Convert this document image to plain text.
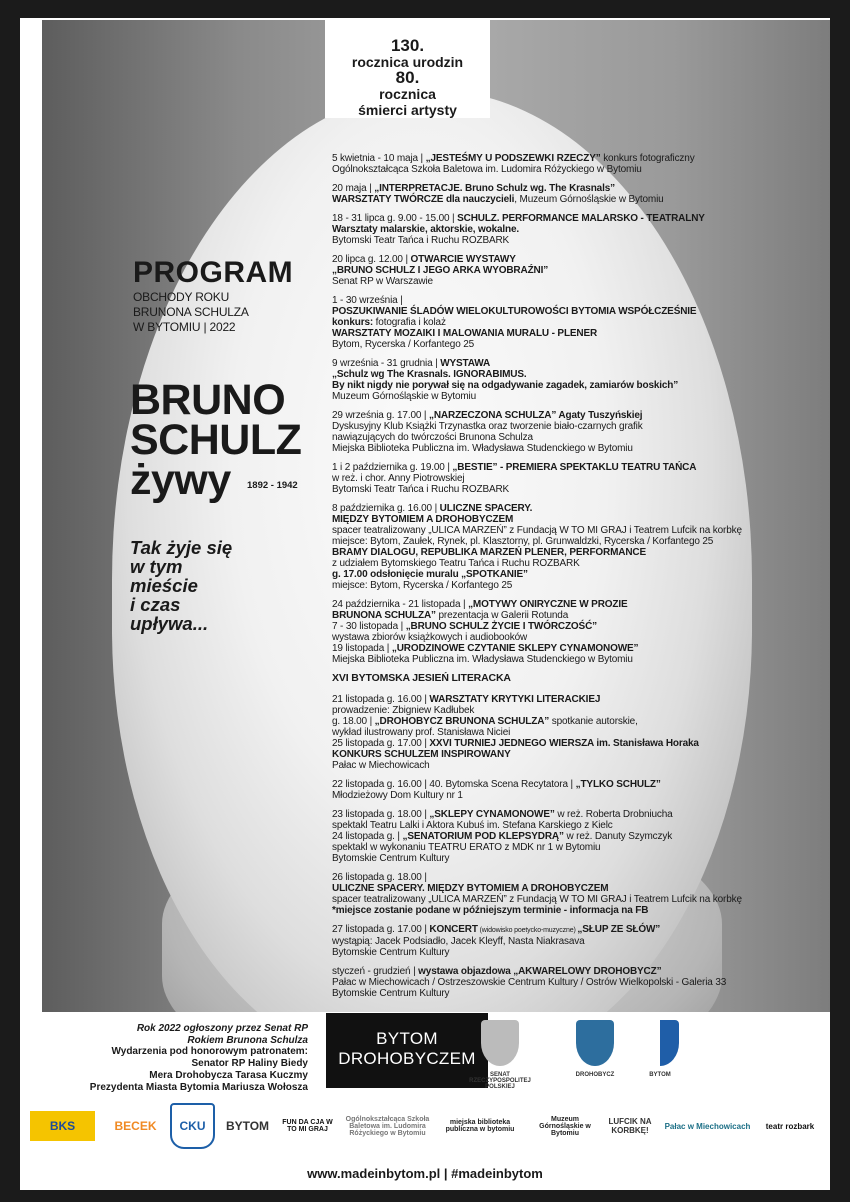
130.
rocznica urodzin
80.
rocznica
śmierci artysty
PROGRAM
OBCHODY ROKU
BRUNONA SCHULZA
W BYTOMIU | 2022
BRUNO
SCHULZ
żywy	1892 - 1942
Tak żyje się
w tym
mieście
i czas
upływa...
5 kwietnia - 10 maja | „JESTEŚMY U PODSZEWKI RZECZY” konkurs fotograficzny
Ogólnokształcąca Szkoła Baletowa im. Ludomira Różyckiego w Bytomiu
20 maja | „INTERPRETACJE. Bruno Schulz wg. The Krasnals”
WARSZTATY TWÓRCZE dla nauczycieli, Muzeum Górnośląskie w Bytomiu
18 - 31 lipca g. 9.00 - 15.00 | SCHULZ. PERFORMANCE MALARSKO - TEATRALNY
Warsztaty malarskie, aktorskie, wokalne.
Bytomski Teatr Tańca i Ruchu ROZBARK
20 lipca g. 12.00 | OTWARCIE WYSTAWY
„BRUNO SCHULZ I JEGO ARKA WYOBRAŹNI”
Senat RP w Warszawie
1 - 30 września |
POSZUKIWANIE ŚLADÓW WIELOKULTUROWOŚCI BYTOMIA WSPÓŁCZEŚNIE
konkurs: fotografia i kolaż
WARSZTATY MOZAIKI I MALOWANIA MURALU - PLENER
Bytom, Rycerska / Korfantego 25
9 września - 31 grudnia | WYSTAWA
„Schulz wg The Krasnals. IGNORABIMUS.
By nikt nigdy nie porywał się na odgadywanie zagadek, zamiarów boskich”
Muzeum Górnośląskie w Bytomiu
29 września g. 17.00 | „NARZECZONA SCHULZA” Agaty Tuszyńskiej
Dyskusyjny Klub Książki Trzynastka oraz tworzenie biało-czarnych grafik
nawiązujących do twórczości Brunona Schulza
Miejska Biblioteka Publiczna im. Władysława Studenckiego w Bytomiu
1 i 2 października g. 19.00 | „BESTIE” - PREMIERA SPEKTAKLU TEATRU TAŃCA
w reż. i chor. Anny Piotrowskiej
Bytomski Teatr Tańca i Ruchu ROZBARK
8 października g. 16.00 | ULICZNE SPACERY.
MIĘDZY BYTOMIEM A DROHOBYCZEM
spacer teatralizowany „ULICA MARZEŃ” z Fundacją W TO MI GRAJ i Teatrem Lufcik na korbkę
miejsce: Bytom, Zaułek, Rynek, pl. Klasztorny, pl. Grunwaldzki, Rycerska / Korfantego 25
BRAMY DIALOGU, REPUBLIKA MARZEŃ PLENER, PERFORMANCE
z udziałem Bytomskiego Teatru Tańca i Ruchu ROZBARK
g. 17.00 odsłonięcie muralu „SPOTKANIE”
miejsce: Bytom, Rycerska / Korfantego 25
24 października - 21 listopada | „MOTYWY ONIRYCZNE W PROZIE
BRUNONA SCHULZA” prezentacja w Galerii Rotunda
7 - 30 listopada | „BRUNO SCHULZ ŻYCIE I TWÓRCZOŚĆ”
wystawa zbiorów książkowych i audiobooków
19 listopada | „URODZINOWE CZYTANIE SKLEPY CYNAMONOWE”
Miejska Biblioteka Publiczna im. Władysława Studenckiego w Bytomiu
XVI BYTOMSKA JESIEŃ LITERACKA
21 listopada g. 16.00 | WARSZTATY KRYTYKI LITERACKIEJ
prowadzenie: Zbigniew Kadłubek
g. 18.00 | „DROHOBYCZ BRUNONA SCHULZA” spotkanie autorskie,
wykład ilustrowany prof. Stanisława Niciei
25 listopada g. 17.00 | XXVI TURNIEJ JEDNEGO WIERSZA im. Stanisława Horaka
KONKURS SCHULZEM INSPIROWANY
Pałac w Miechowicach
22 listopada g. 16.00 | 40. Bytomska Scena Recytatora | „TYLKO SCHULZ”
Młodzieżowy Dom Kultury nr 1
23 listopada g. 18.00 | „SKLEPY CYNAMONOWE” w reż. Roberta Drobniucha
spektakl Teatru Lalki i Aktora Kubuś im. Stefana Karskiego z Kielc
24 listopada g. | „SENATORIUM POD KLEPSYDRĄ” w reż. Danuty Szymczyk
spektakl w wykonaniu TEATRU ERATO z MDK nr 1 w Bytomiu
Bytomskie Centrum Kultury
26 listopada g. 18.00 |
ULICZNE SPACERY. MIĘDZY BYTOMIEM A DROHOBYCZEM
spacer teatralizowany „ULICA MARZEŃ” z Fundacją W TO MI GRAJ i Teatrem Lufcik na korbkę
*miejsce zostanie podane w późniejszym terminie - informacja na FB
27 listopada g. 17.00 | KONCERT (widowisko poetycko-muzyczne) „SŁUP ZE SŁÓW”
wystąpią: Jacek Podsiadło, Jacek Kleyff, Nasta Niakrasava
Bytomskie Centrum Kultury
styczeń - grudzień | wystawa objazdowa „AKWARELOWY DROHOBYCZ”
Pałac w Miechowicach / Ostrzeszowskie Centrum Kultury / Ostrów Wielkopolski - Galeria 33
Bytomskie Centrum Kultury
Rok 2022 ogłoszony przez Senat RP
Rokiem Brunona Schulza
Wydarzenia pod honorowym patronatem:
Senator RP Haliny Biedy
Mera Drohobycza Tarasa Kuczmy
Prezydenta Miasta Bytomia Mariusza Wołosza
BYTOM
DROHOBYCZEM
SENAT RZECZYPOSPOLITEJ POLSKIEJ
DROHOBYCZ	BYTOM
BKS	BECEK CKU BYTOM	FUN DA CJA W TO MI GRAJ
Ogólnokształcąca Szkoła Baletowa im. Ludomira Różyckiego w Bytomiu
miejska biblioteka publiczna w bytomiu
Muzeum Górnośląskie w Bytomiu
LUFCIK NA KORBKĘ!	Pałac w Miechowicach teatr rozbark
www.madeinbytom.pl | #madeinbytom
